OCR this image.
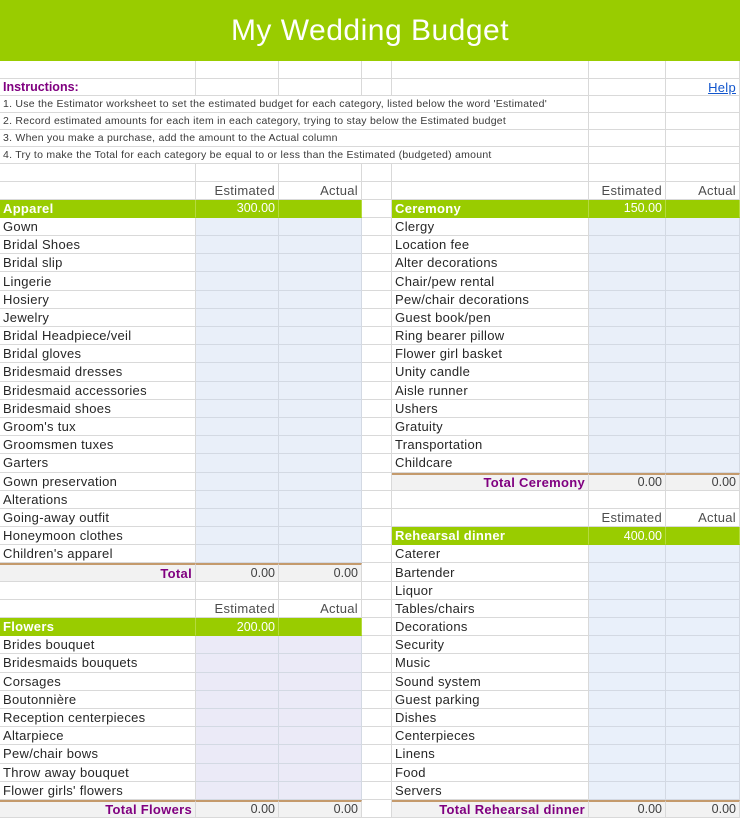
My Wedding Budget
Instructions:	Help
1. Use the Estimator worksheet to set the estimated budget for each category, listed below the word 'Estimated'
2. Record estimated amounts for each item in each category, trying to stay below the Estimated budget
3. When you make a purchase, add the amount to the Actual column
4. Try to make the Total for each category be equal to or less than the Estimated (budgeted) amount
Estimated	Actual
Apparel	300.00
Gown
Bridal Shoes
Bridal slip
Lingerie
Hosiery
Jewelry
Bridal Headpiece/veil
Bridal gloves
Bridesmaid dresses
Bridesmaid accessories
Bridesmaid shoes
Groom's tux
Groomsmen tuxes
Garters
Gown preservation
Alterations
Going-away outfit
Honeymoon clothes
Children's apparel
Total	0.00	0.00
Estimated	Actual
Flowers	200.00
Brides bouquet
Bridesmaids bouquets
Corsages
Boutonnière
Reception centerpieces
Altarpiece
Pew/chair bows
Throw away bouquet
Flower girls' flowers
Total Flowers	0.00	0.00
Estimated	Actual
Ceremony	150.00
Clergy
Location fee
Alter decorations
Chair/pew rental
Pew/chair decorations
Guest book/pen
Ring bearer pillow
Flower girl basket
Unity candle
Aisle runner
Ushers
Gratuity
Transportation
Childcare
Total Ceremony	0.00	0.00
Estimated	Actual
Rehearsal dinner	400.00
Caterer
Bartender
Liquor
Tables/chairs
Decorations
Security
Music
Sound system
Guest parking
Dishes
Centerpieces
Linens
Food
Servers
Total Rehearsal dinner	0.00	0.00
